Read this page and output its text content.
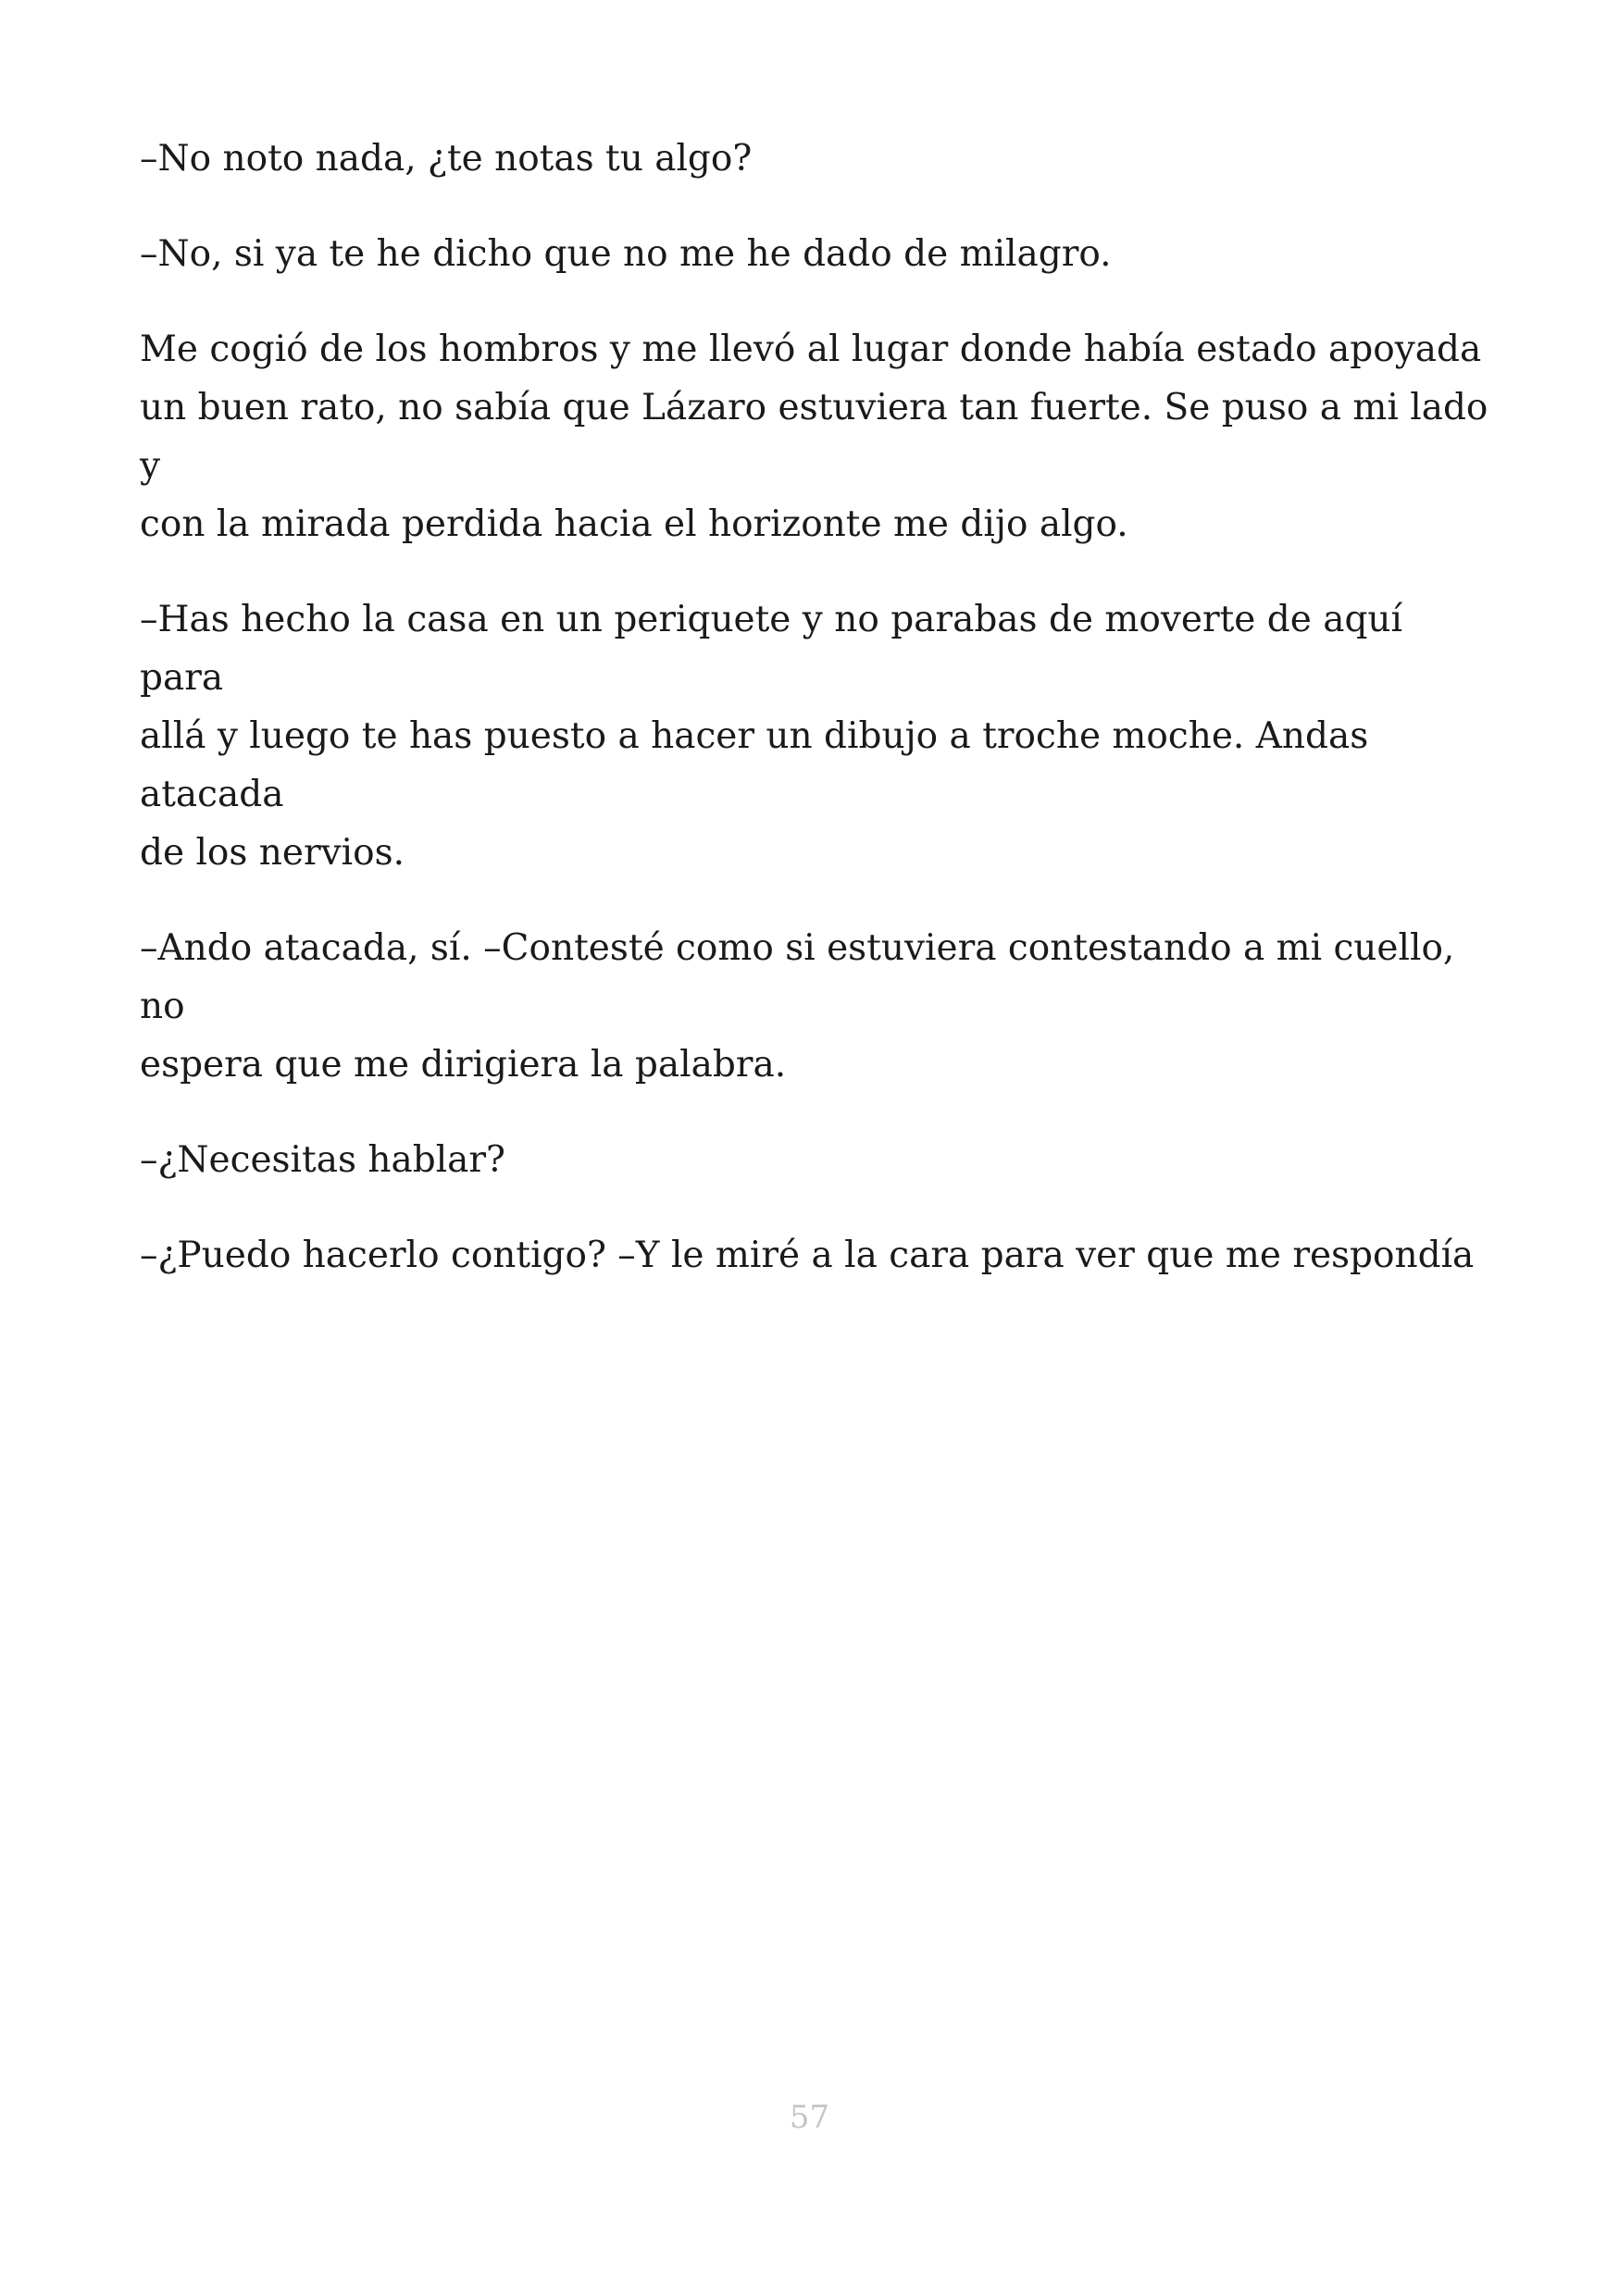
–No noto nada, ¿te notas tu algo?

–No, si ya te he dicho que no me he dado de milagro.

Me cogió de los hombros y me llevó al lugar donde había estado apoyada
un buen rato, no sabía que Lázaro estuviera tan fuerte. Se puso a mi lado y
con la mirada perdida hacia el horizonte me dijo algo.

–Has hecho la casa en un periquete y no parabas de moverte de aquí para
allá y luego te has puesto a hacer un dibujo a troche moche. Andas atacada
de los nervios.

–Ando atacada, sí. –Contesté como si estuviera contestando a mi cuello, no
espera que me dirigiera la palabra.

–¿Necesitas hablar?

–¿Puedo hacerlo contigo? –Y le miré a la cara para ver que me respondía

57
